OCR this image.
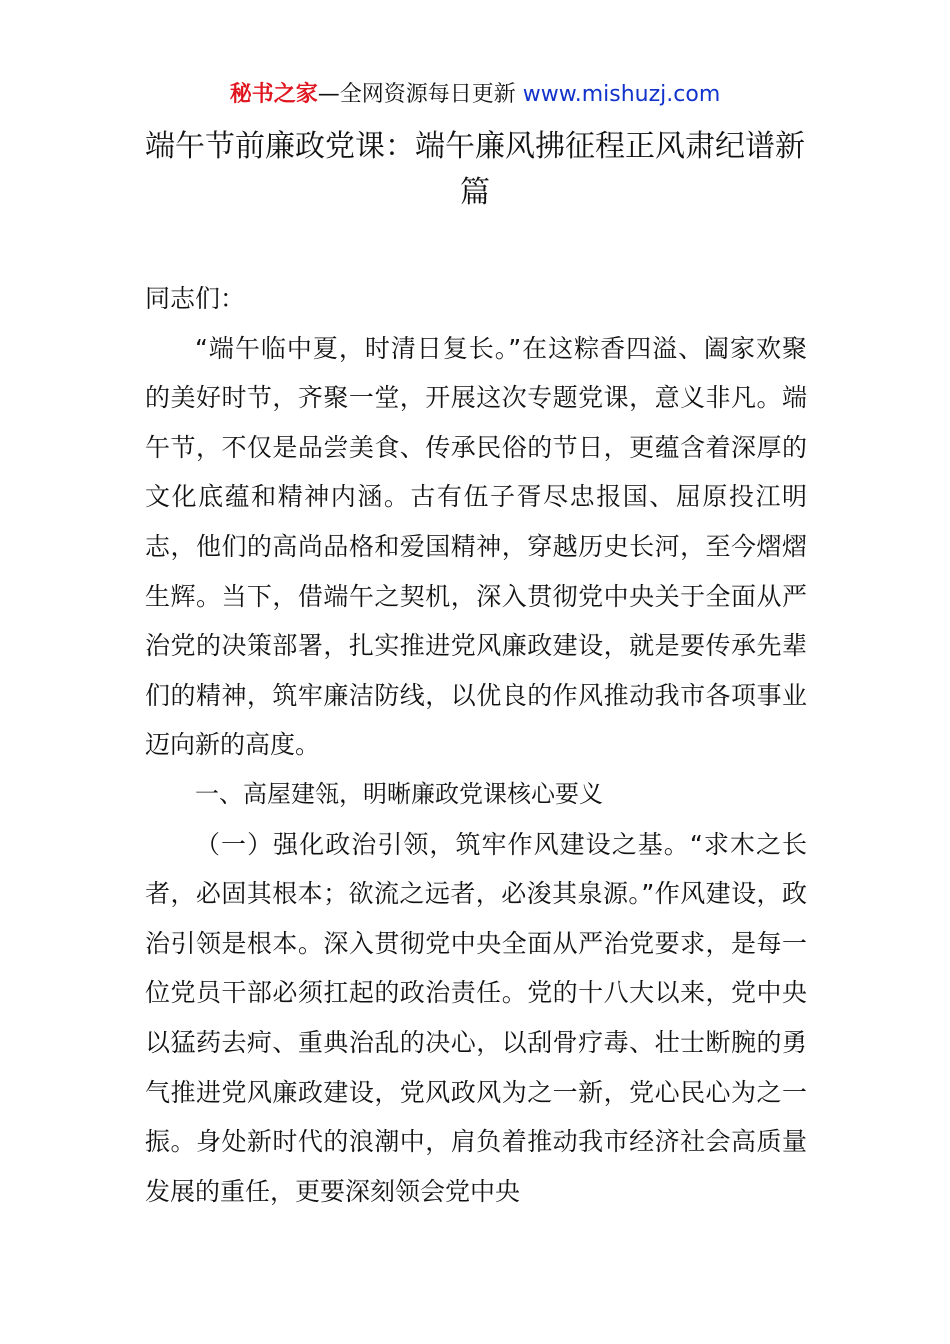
秘书之家—全网资源每日更新 www.mishuzj.com
端午节前廉政党课：端午廉风拂征程正风肃纪谱新篇

同志们：

“端午临中夏，时清日复长。”在这粽香四溢、阖家欢聚的美好时节，齐聚一堂，开展这次专题党课，意义非凡。端午节，不仅是品尝美食、传承民俗的节日，更蕴含着深厚的文化底蕴和精神内涵。古有伍子胥尽忠报国、屈原投江明志，他们的高尚品格和爱国精神，穿越历史长河，至今熠熠生辉。当下，借端午之契机，深入贯彻党中央关于全面从严治党的决策部署，扎实推进党风廉政建设，就是要传承先辈们的精神，筑牢廉洁防线，以优良的作风推动我市各项事业迈向新的高度。

一、高屋建瓴，明晰廉政党课核心要义

（一）强化政治引领，筑牢作风建设之基。“求木之长者，必固其根本；欲流之远者，必浚其泉源。”作风建设，政治引领是根本。深入贯彻党中央全面从严治党要求，是每一位党员干部必须扛起的政治责任。党的十八大以来，党中央以猛药去疴、重典治乱的决心，以刮骨疗毒、壮士断腕的勇气推进党风廉政建设，党风政风为之一新，党心民心为之一振。身处新时代的浪潮中，肩负着推动我市经济社会高质量发展的重任，更要深刻领会党中央
